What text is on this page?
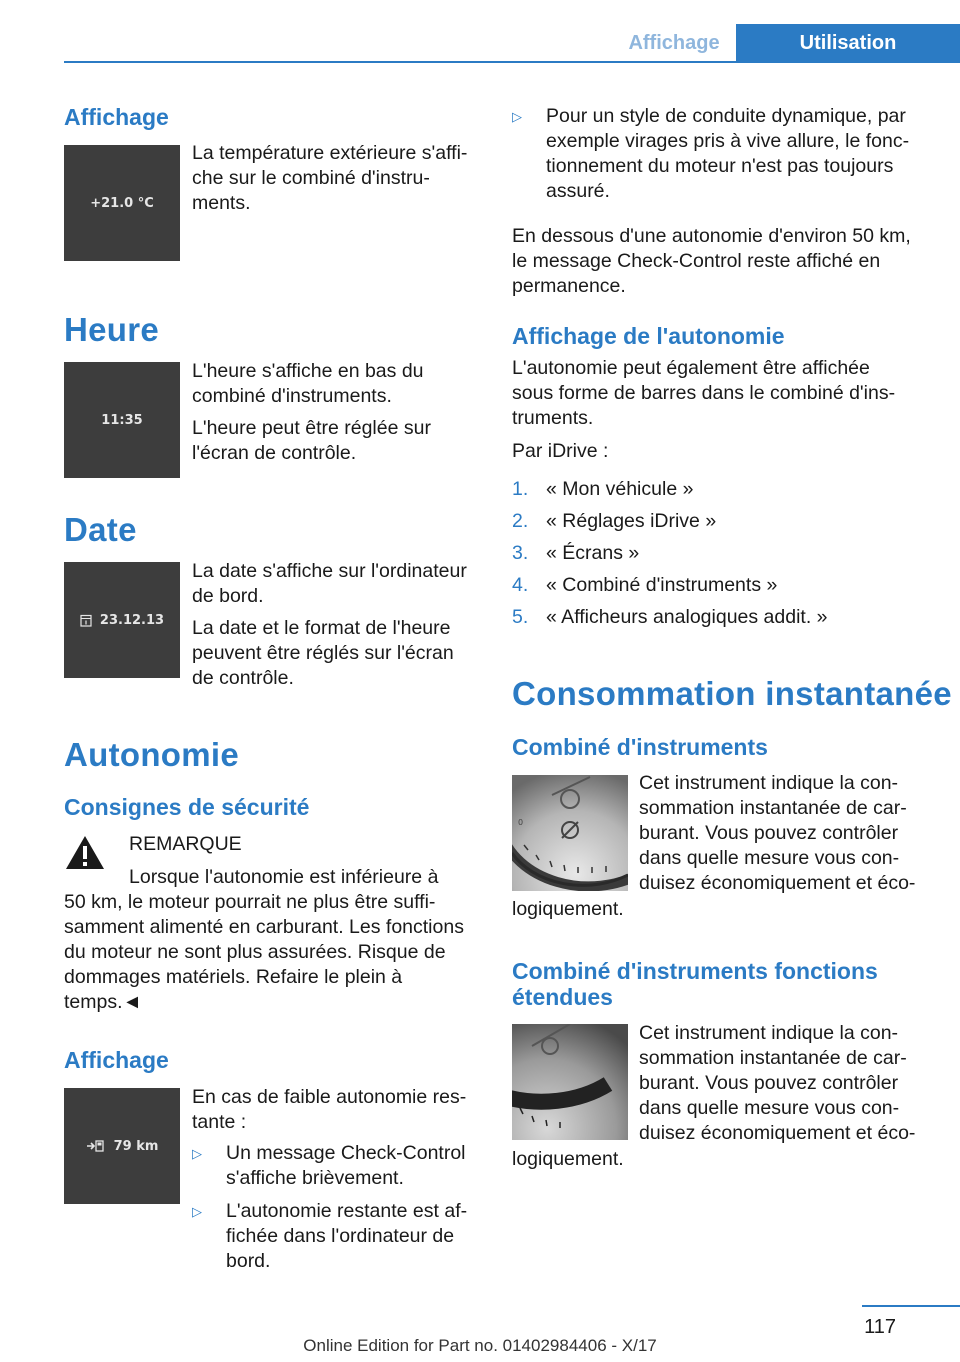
Affichage	Utilisation
Affichage
+21.0 °C

La température extérieure s'affi-
che sur le combiné d'instru-
ments.

Heure
11:35

L'heure s'affiche en bas du
combiné d'instruments.

L'heure peut être réglée sur
l'écran de contrôle.

Date
23.12.13

La date s'affiche sur l'ordinateur
de bord.

La date et le format de l'heure
peuvent être réglés sur l'écran
de contrôle.

Autonomie
Consignes de sécurité

REMARQUE

Lorsque l'autonomie est inférieure à

50 km, le moteur pourrait ne plus être suffi-
samment alimenté en carburant. Les fonctions
du moteur ne sont plus assurées. Risque de
dommages matériels. Refaire le plein à
temps.◄

Affichage
79 km

En cas de faible autonomie res-
tante :

▷ Un message Check-Control
s'affiche brièvement.
▷ L'autonomie restante est af-
fichée dans l'ordinateur de
bord.
▷ Pour un style de conduite dynamique, par
exemple virages pris à vive allure, le fonc-
tionnement du moteur n'est pas toujours
assuré.

En dessous d'une autonomie d'environ 50 km,
le message Check-Control reste affiché en
permanence.

Affichage de l'autonomie

L'autonomie peut également être affichée
sous forme de barres dans le combiné d'ins-
truments.

Par iDrive :

1. « Mon véhicule »
2. « Réglages iDrive »
3. « Écrans »
4. « Combiné d'instruments »
5. « Afficheurs analogiques addit. »
Consommation instantanée
Combiné d'instruments
0

Cet instrument indique la con-
sommation instantanée de car-
burant. Vous pouvez contrôler
dans quelle mesure vous con-
duisez économiquement et éco-

logiquement.

Combiné d'instruments fonctions
étendues

Cet instrument indique la con-
sommation instantanée de car-
burant. Vous pouvez contrôler
dans quelle mesure vous con-
duisez économiquement et éco-

logiquement.

117
Online Edition for Part no. 01402984406 - X/17
